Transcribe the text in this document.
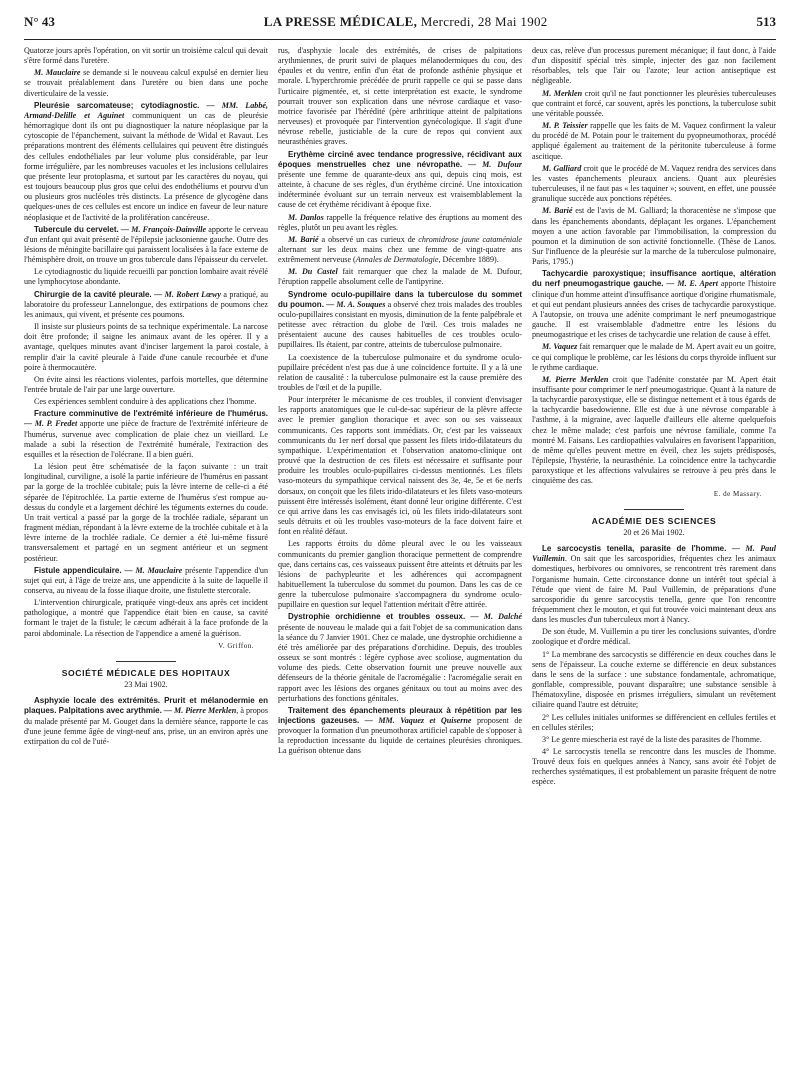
N° 43	LA PRESSE MÉDICALE, Mercredi, 28 Mai 1902	513

Quatorze jours après l'opération, on vit sortir un troisième calcul qui devait s'être formé dans l'uretère.

M. Mauclaire se demande si le nouveau calcul expulsé en dernier lieu se trouvait préalablement dans l'uretère ou bien dans une poche diverticulaire de la vessie.

Pleurésie sarcomateuse; cytodiagnostic. — MM. Labbé, Armand-Delille et Aguinet communiquent un cas de pleurésie hémorragique dont ils ont pu diagnostiquer la nature néoplasique par la cytoscopie de l'épanchement, suivant la méthode de Widal et Ravaut. Les préparations montrent des éléments cellulaires qui peuvent être distingués des cellules endothéliales par leur volume plus considérable, par leur forme irrégulière, par les nombreuses vacuoles et les inclusions cellulaires que présente leur protoplasma, et surtout par les caractères du noyau, qui est toujours beaucoup plus gros que celui des endothéliums et pourvu d'un ou plusieurs gros nucléoles très distincts. La présence de glycogène dans quelques-unes de ces cellules est encore un indice en faveur de leur nature néoplasique et de l'activité de la prolifération cancéreuse.

Tubercule du cervelet. — M. François-Dainville apporte le cerveau d'un enfant qui avait présenté de l'épilepsie jacksonienne gauche. Outre des lésions de méningite bacillaire qui paraissent localisées à la face externe de l'hémisphère droit, on trouve un gros tubercule dans l'épaisseur du cervelet.

Le cytodiagnostic du liquide recueilli par ponction lombaire avait révélé une lymphocytose abondante.

Chirurgie de la cavité pleurale. — M. Robert Lœwy a pratiqué, au laboratoire du professeur Lannelongue, des extirpations de poumons chez les animaux, qui vivent, et présente ces poumons.

Il insiste sur plusieurs points de sa technique expérimentale. La narcose doit être profonde; il saigne les animaux avant de les opérer. Il y a avantage, quelques minutes avant d'inciser largement la paroi costale, à remplir d'air la cavité pleurale à l'aide d'une canule recourbée et d'une poire à thermocautère.

On évite ainsi les réactions violentes, parfois mortelles, que détermine l'entrée brutale de l'air par une large ouverture.

Ces expériences semblent conduire à des applications chez l'homme.

Fracture comminutive de l'extrémité inférieure de l'humérus. — M. P. Fredet apporte une pièce de fracture de l'extrémité inférieure de l'humérus, survenue avec complication de plaie chez un vieillard. Le malade a subi la résection de l'extrémité humérale, l'extraction des esquilles et la résection de l'olécrane. Il a bien guéri.

La lésion peut être schématisée de la façon suivante : un trait longitudinal, curviligne, a isolé la partie inférieure de l'humérus en passant par la gorge de la trochlée cubitale; puis la lèvre interne de celle-ci a été séparée de l'épitrochlée. La partie externe de l'humérus s'est rompue au-dessus du condyle et a largement déchiré les téguments externes du coude. Un trait vertical a passé par la gorge de la trochlée radiale, séparant un fragment médian, répondant à la lèvre externe de la trochlée cubitale et à la lèvre interne de la trochlée radiale. Ce dernier a été lui-même fissuré transversalement et partagé en un segment antérieur et un segment postérieur.

Fistule appendiculaire. — M. Mauclaire présente l'appendice d'un sujet qui eut, à l'âge de treize ans, une appendicite à la suite de laquelle il conserva, au niveau de la fosse iliaque droite, une fistulette stercorale.

L'intervention chirurgicale, pratiquée vingt-deux ans après cet incident pathologique, a montré que l'appendice était bien en cause, sa cavité formant le trajet de la fistule; le cæcum adhérait à la face profonde de la paroi abdominale. La résection de l'appendice a amené la guérison.

V. Griffon.
SOCIÉTÉ MÉDICALE DES HOPITAUX
23 Mai 1902.

Asphyxie locale des extrémités. Prurit et mélanodermie en plaques. Palpitations avec arythmie. — M. Pierre Merklen, à propos du malade présenté par M. Gouget dans la dernière séance, rapporte le cas d'une jeune femme âgée de vingt-neuf ans, prise, un an environ après une extirpation du col de l'uté-

rus, d'asphyxie locale des extrémités, de crises de palpitations arythmiennes, de prurit suivi de plaques mélanodermiques du cou, des épaules et du ventre, enfin d'un état de profonde asthénie physique et morale. L'hyperchromie précédée de prurit rappelle ce qui se passe dans l'urticaire pigmentée, et, si cette interprétation est exacte, le syndrome pourrait trouver son explication dans une névrose cardiaque et vaso-motrice favorisée par l'hérédité (père arthritique atteint de palpitations nerveuses) et provoquée par l'intervention gynécologique. Il s'agit d'une névrose rebelle, justiciable de la cure de repos qui convient aux neurasthénies graves.

Erythème circiné avec tendance progressive, récidivant aux époques menstruelles chez une névropathe. — M. Dufour présente une femme de quarante-deux ans qui, depuis cinq mois, est atteinte, à chacune de ses règles, d'un érythème circiné. Une intoxication indéterminée évoluant sur un terrain nerveux est vraisemblablement la cause de cet érythème récidivant à époque fixe.

M. Danlos rappelle la fréquence relative des éruptions au moment des règles, plutôt un peu avant les règles.

M. Barié a observé un cas curieux de chromidrose jaune cataméniale alternant sur les deux mains chez une femme de vingt-quatre ans extrêmement nerveuse (Annales de Dermatologie, Décembre 1889).

M. Du Castel fait remarquer que chez la malade de M. Dufour, l'éruption rappelle absolument celle de l'antipyrine.

Syndrome oculo-pupillaire dans la tuberculose du sommet du poumon. — M. A. Souques a observé chez trois malades des troubles oculo-pupillaires consistant en myosis, diminution de la fente palpébrale et petitesse avec rétraction du globe de l'œil. Ces trois malades ne présentaient aucune des causes habituelles de ces troubles oculo-pupillaires. Ils étaient, par contre, atteints de tuberculose pulmonaire.

La coexistence de la tuberculose pulmonaire et du syndrome oculo-pupillaire précédent n'est pas due à une coïncidence fortuite. Il y a là une relation de causalité : la tuberculose pulmonaire est la cause première des troubles de l'œil et de la pupille.

Pour interpréter le mécanisme de ces troubles, il convient d'envisager les rapports anatomiques que le cul-de-sac supérieur de la plèvre affecte avec le premier ganglion thoracique et avec son ou ses vaisseaux communicants. Ces rapports sont immédiats. Or, c'est par les vaisseaux communicants du 1er nerf dorsal que passent les filets irido-dilatateurs du sympathique. L'expérimentation et l'observation anatomo-clinique ont prouvé que la destruction de ces filets est nécessaire et suffisante pour produire les troubles oculo-pupillaires ci-dessus mentionnés. Les filets vaso-moteurs du sympathique cervical naissent des 3e, 4e, 5e et 6e nerfs dorsaux, on conçoit que les filets irido-dilatateurs et les filets vaso-moteurs puissent être intéressés isolément, étant donné leur origine différente. C'est ce qui arrive dans les cas envisagés ici, où les filets irido-dilatateurs sont seuls détruits et où les troubles vaso-moteurs de la face doivent faire et font en réalité défaut.

Les rapports étroits du dôme pleural avec le ou les vaisseaux communicants du premier ganglion thoracique permettent de comprendre que, dans certains cas, ces vaisseaux puissent être atteints et détruits par les lésions de pachypleurite et les adhérences qui accompagnent habituellement la tuberculose du sommet du poumon. Dans les cas de ce genre la tuberculose pulmonaire s'accompagnera du syndrome oculo-pupillaire en question sur lequel l'attention méritait d'être attirée.

Dystrophie orchidienne et troubles osseux. — M. Dalché présente de nouveau le malade qui a fait l'objet de sa communication dans la séance du 7 Janvier 1901. Chez ce malade, une dystrophie orchidienne a été très améliorée par des préparations d'orchidine. Depuis, des troubles osseux se sont montrés : légère cyphose avec scoliose, augmentation du volume des pieds. Cette observation fournit une preuve nouvelle aux défenseurs de la théorie génitale de l'acromégalie : l'acromégalie serait en rapport avec les lésions des organes génitaux ou tout au moins avec des perturbations des fonctions génitales.

Traitement des épanchements pleuraux à répétition par les injections gazeuses. — MM. Vaquez et Quiserne proposent de provoquer la formation d'un pneumothorax artificiel capable de s'opposer à la reproduction incessante du liquide de certaines pleurésies chroniques. La guérison obtenue dans

deux cas, relève d'un processus purement mécanique; il faut donc, à l'aide d'un dispositif spécial très simple, injecter des gaz non facilement résorbables, tels que l'air ou l'azote; leur action antiseptique est négligeable.

M. Merklen croit qu'il ne faut ponctionner les pleurésies tuberculeuses que contraint et forcé, car souvent, après les ponctions, la tuberculose subit une véritable poussée.

M. P. Teissier rappelle que les faits de M. Vaquez confirment la valeur du procédé de M. Potain pour le traitement du pyopneumothorax, procédé appliqué également au traitement de la péritonite tuberculeuse à forme ascitique.

M. Galliard croit que le procédé de M. Vaquez rendra des services dans les vastes épanchements pleuraux anciens. Quant aux pleurésies tuberculeuses, il ne faut pas « les taquiner »; souvent, en effet, une poussée granulique succède aux ponctions répétées.

M. Barié est de l'avis de M. Galliard; la thoracentèse ne s'impose que dans les épanchements abondants, déplaçant les organes. L'épanchement moyen a une action favorable par l'immobilisation, la compression du poumon et la diminution de son activité fonctionnelle. (Thèse de Lanos. Sur l'influence de la pleurésie sur la marche de la tuberculose pulmonaire, Paris, 1795.)

Tachycardie paroxystique; insuffisance aortique, altération du nerf pneumogastrique gauche. — M. E. Apert apporte l'histoire clinique d'un homme atteint d'insuffisance aortique d'origine rhumatismale, et qui eut pendant plusieurs années des crises de tachycardie paroxystique. A l'autopsie, on trouva une adénite comprimant le nerf pneumogastrique gauche. Il est vraisemblable d'admettre entre les lésions du pneumogastrique et les crises de tachycardie une relation de cause à effet.

M. Vaquez fait remarquer que le malade de M. Apert avait eu un goitre, ce qui complique le problème, car les lésions du corps thyroïde influent sur le rythme cardiaque.

M. Pierre Merklen croit que l'adénite constatée par M. Apert était insuffisante pour comprimer le nerf pneumogastrique. Quant à la nature de la tachycardie paroxystique, elle se distingue nettement et à tous égards de la tachycardie basedowienne. Elle est due à une névrose comparable à l'asthme, à la migraine, avec laquelle d'ailleurs elle alterne quelquefois chez le même malade; c'est parfois une névrose familiale, comme l'a montré M. Faisans. Les cardiopathies valvulaires en favorisent l'apparition, de même qu'elles peuvent mettre en éveil, chez les sujets prédisposés, l'épilepsie, l'hystérie, la neurasthénie. La coïncidence entre la tachycardie paroxystique et les affections valvulaires se retrouve à peu près dans le cinquième des cas.

E. de Massary.
ACADÉMIE DES SCIENCES
20 et 26 Mai 1902.

Le sarcocystis tenella, parasite de l'homme. — M. Paul Vuillemin. On sait que les sarcosporidies, fréquentes chez les animaux domestiques, herbivores ou omnivores, se rencontrent très rarement dans l'organisme humain. Cette circonstance donne un intérêt tout spécial à l'étude que vient de faire M. Paul Vuillemin, de préparations d'une sarcosporidie du genre sarcocystis tenella, genre que l'on rencontre fréquemment chez le mouton, et qui fut trouvée voici maintenant deux ans dans les muscles d'un tuberculeux mort à Nancy.

De son étude, M. Vuillemin a pu tirer les conclusions suivantes, d'ordre zoologique et d'ordre médical.

1° La membrane des sarcocystis se différencie en deux couches dans le sens de l'épaisseur. La couche externe se différencie en deux substances dans le sens de la surface : une substance fondamentale, achromatique, gonflable, compressible, pouvant disparaître; une substance sensible à l'hématoxyline, disposée en prismes irréguliers, simulant un revêtement ciliaire quand l'autre est détruite;

2° Les cellules initiales uniformes se différencient en cellules fertiles et en cellules stériles;

3° Le genre miescheria est rayé de la liste des parasites de l'homme.

4° Le sarcocystis tenella se rencontre dans les muscles de l'homme. Trouvé deux fois en quelques années à Nancy, sans avoir été l'objet de recherches systématiques, il est probablement un parasite fréquent de notre espèce.
